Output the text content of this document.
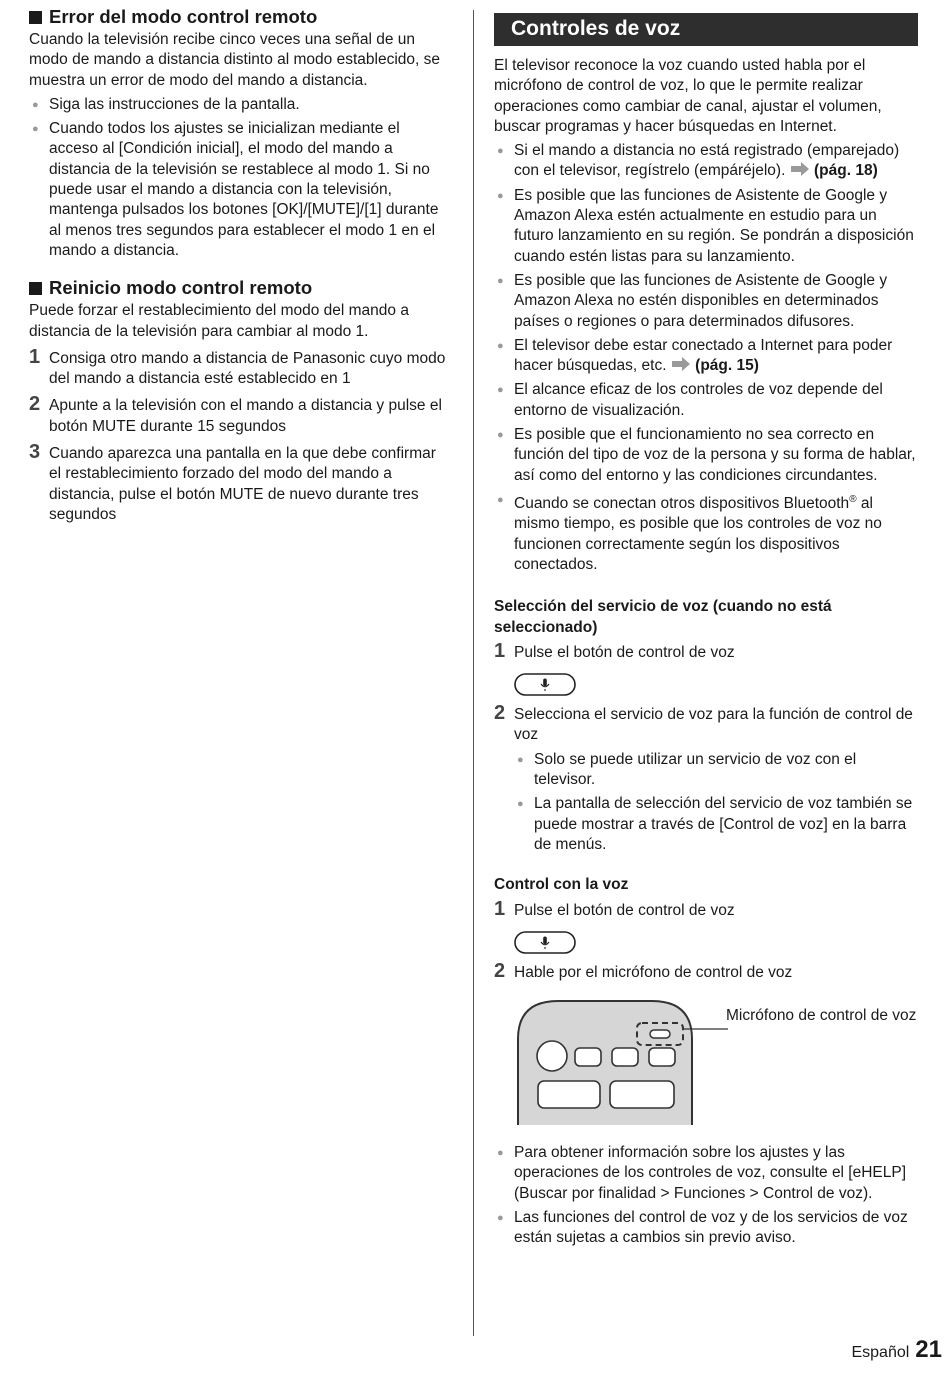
Error del modo control remoto

Cuando la televisión recibe cinco veces una señal de un modo de mando a distancia distinto al modo establecido, se muestra un error de modo del mando a distancia.

● Siga las instrucciones de la pantalla.
● Cuando todos los ajustes se inicializan mediante el acceso al [Condición inicial], el modo del mando a distancia de la televisión se restablece al modo 1. Si no puede usar el mando a distancia con la televisión, mantenga pulsados los botones [OK]/[MUTE]/[1] durante al menos tres segundos para establecer el modo 1 en el mando a distancia.
Reinicio modo control remoto

Puede forzar el restablecimiento del modo del mando a distancia de la televisión para cambiar al modo 1.

1 Consiga otro mando a distancia de Panasonic cuyo modo del mando a distancia esté establecido en 1
2 Apunte a la televisión con el mando a distancia y pulse el botón MUTE durante 15 segundos
3 Cuando aparezca una pantalla en la que debe confirmar el restablecimiento forzado del modo del mando a distancia, pulse el botón MUTE de nuevo durante tres segundos
Controles de voz

El televisor reconoce la voz cuando usted habla por el micrófono de control de voz, lo que le permite realizar operaciones como cambiar de canal, ajustar el volumen, buscar programas y hacer búsquedas en Internet.

● Si el mando a distancia no está registrado (emparejado) con el televisor, regístrelo (empáréjelo). (pág. 18)
● Es posible que las funciones de Asistente de Google y Amazon Alexa estén actualmente en estudio para un futuro lanzamiento en su región. Se pondrán a disposición cuando estén listas para su lanzamiento.
● Es posible que las funciones de Asistente de Google y Amazon Alexa no estén disponibles en determinados países o regiones o para determinados difusores.
● El televisor debe estar conectado a Internet para poder hacer búsquedas, etc. (pág. 15)
● El alcance eficaz de los controles de voz depende del entorno de visualización.
● Es posible que el funcionamiento no sea correcto en función del tipo de voz de la persona y su forma de hablar, así como del entorno y las condiciones circundantes.
● Cuando se conectan otros dispositivos Bluetooth® al mismo tiempo, es posible que los controles de voz no funcionen correctamente según los dispositivos conectados.
Selección del servicio de voz (cuando no está seleccionado)
1 Pulse el botón de control de voz
2 Selecciona el servicio de voz para la función de control de voz
● Solo se puede utilizar un servicio de voz con el televisor.
● La pantalla de selección del servicio de voz también se puede mostrar a través de [Control de voz] en la barra de menús.
Control con la voz
1 Pulse el botón de control de voz
2 Hable por el micrófono de control de voz
Micrófono de control de voz
● Para obtener información sobre los ajustes y las operaciones de los controles de voz, consulte el [eHELP] (Buscar por finalidad > Funciones > Control de voz).
● Las funciones del control de voz y de los servicios de voz están sujetas a cambios sin previo aviso.
Español 21
